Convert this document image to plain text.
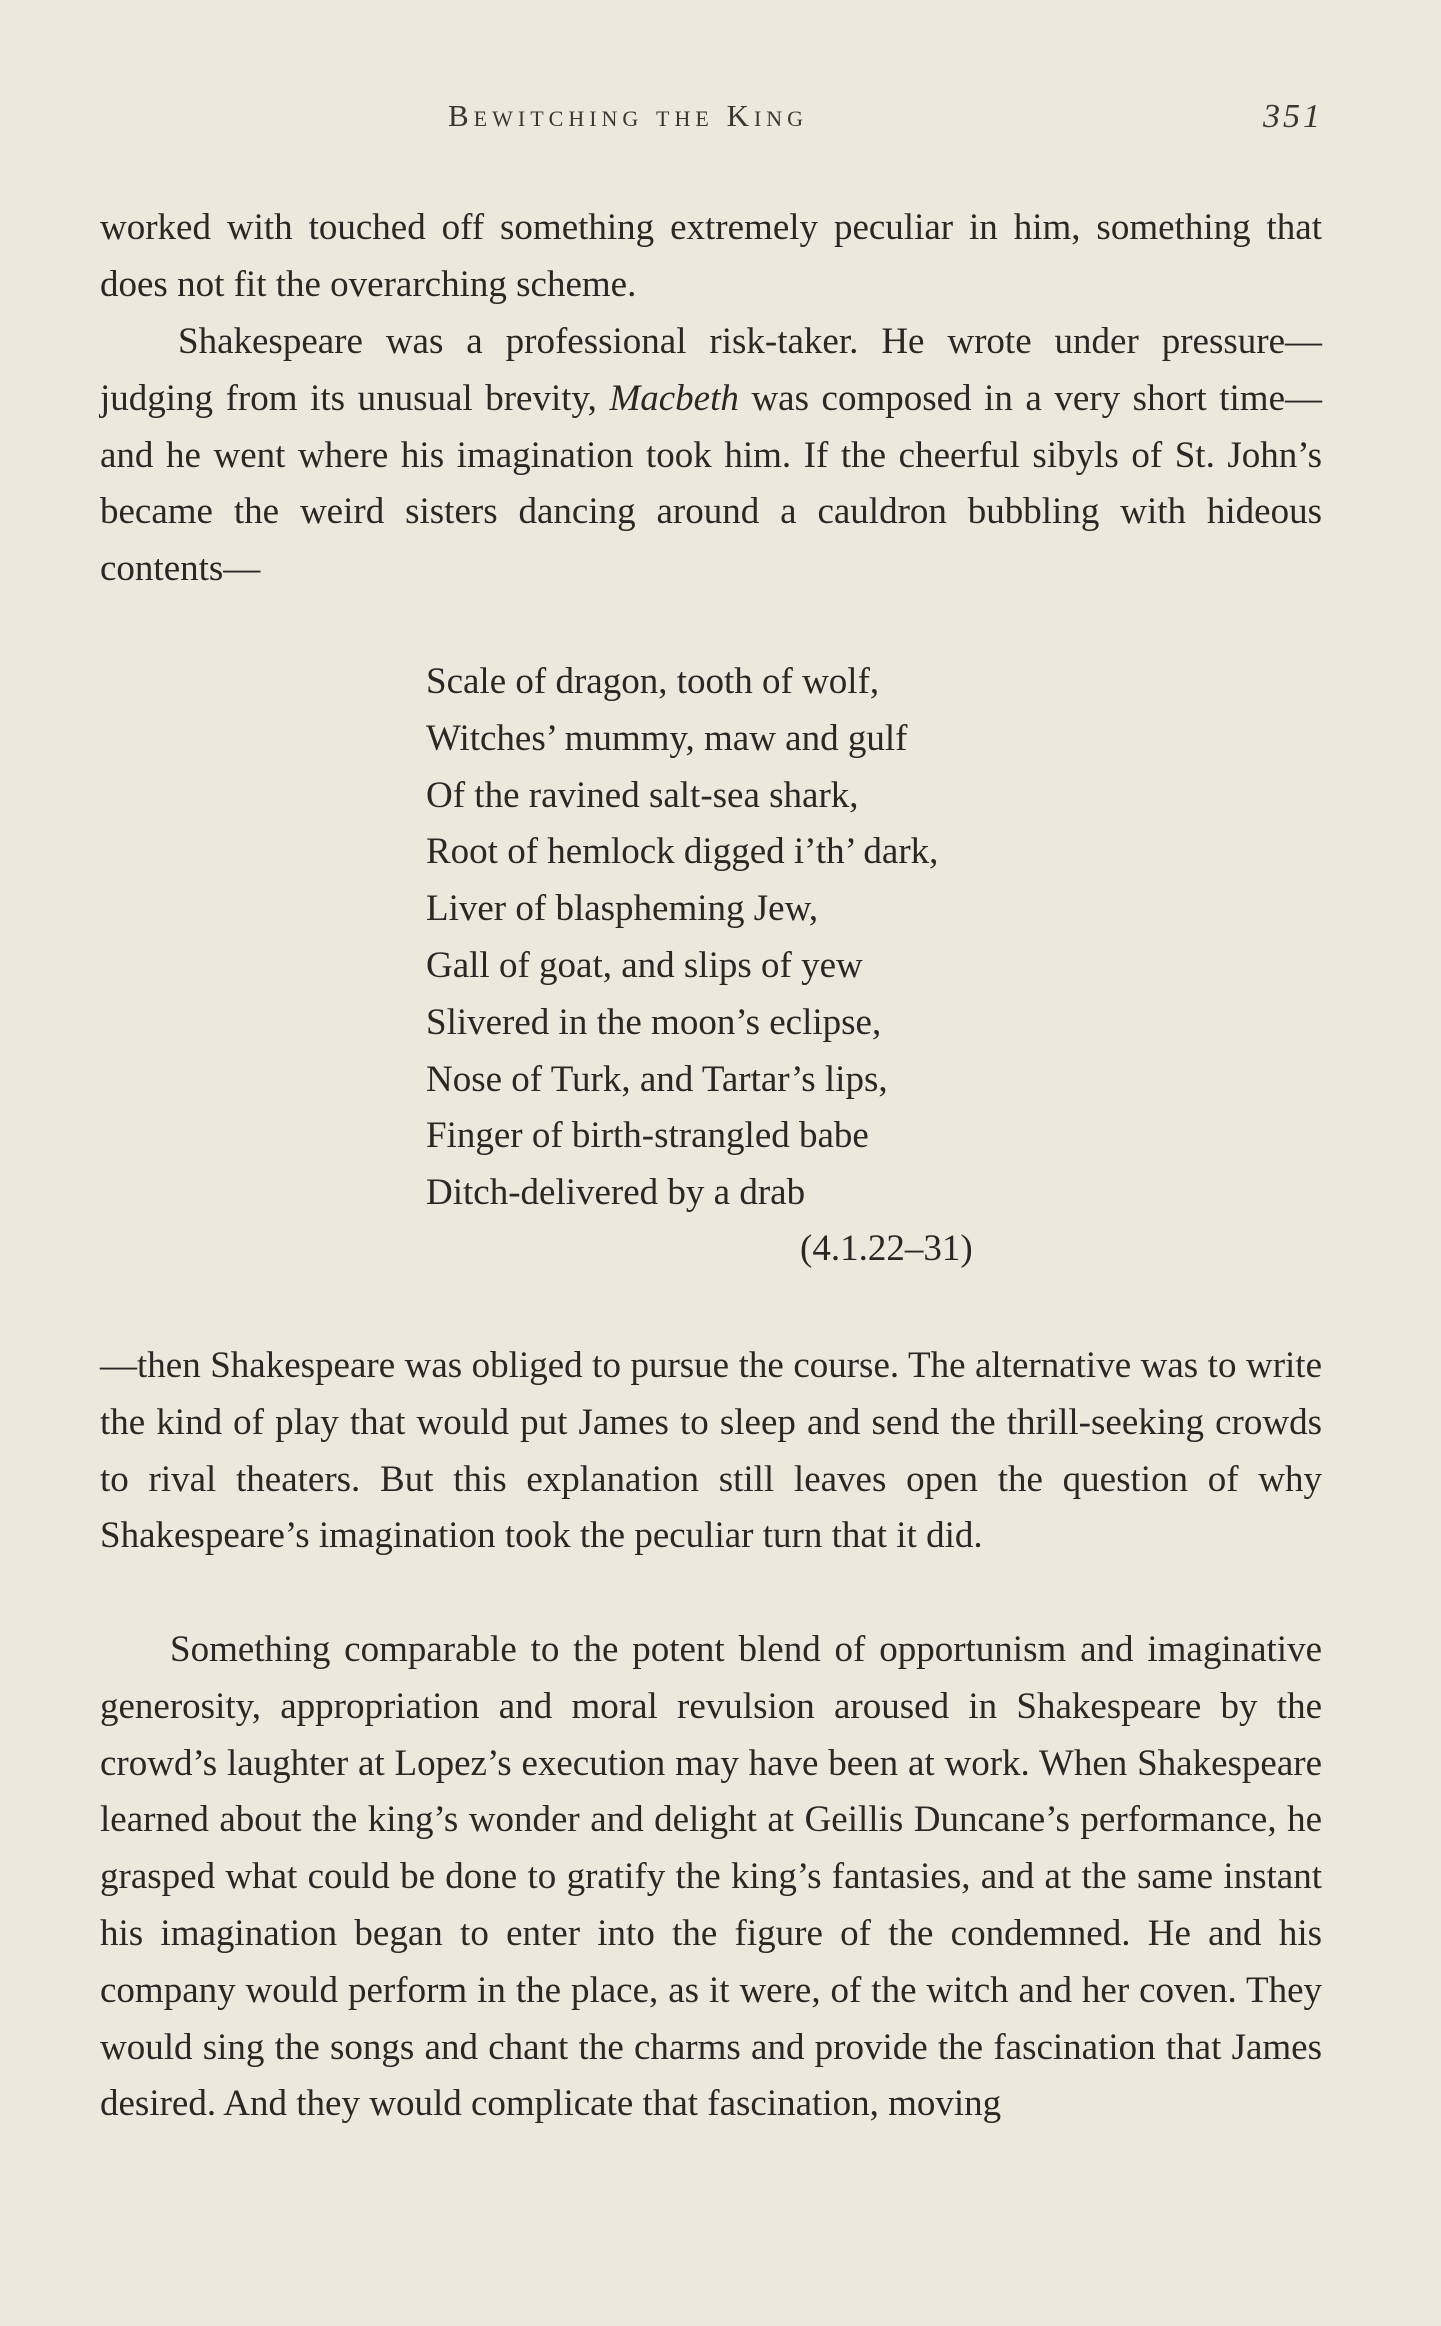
Bewitching the King	351

worked with touched off something extremely peculiar in him, something that does not fit the overarching scheme.

Shakespeare was a professional risk-taker. He wrote under pressure—judging from its unusual brevity, Macbeth was composed in a very short time—and he went where his imagination took him. If the cheerful sibyls of St. John’s became the weird sisters dancing around a cauldron bubbling with hideous contents—

Scale of dragon, tooth of wolf,
Witches’ mummy, maw and gulf
Of the ravined salt-sea shark,
Root of hemlock digged i’th’ dark,
Liver of blaspheming Jew,
Gall of goat, and slips of yew
Slivered in the moon’s eclipse,
Nose of Turk, and Tartar’s lips,
Finger of birth-strangled babe
Ditch-delivered by a drab
(4.1.22–31)

—then Shakespeare was obliged to pursue the course. The alternative was to write the kind of play that would put James to sleep and send the thrill-seeking crowds to rival theaters. But this explanation still leaves open the question of why Shakespeare’s imagination took the peculiar turn that it did.

Something comparable to the potent blend of opportunism and imaginative generosity, appropriation and moral revulsion aroused in Shakespeare by the crowd’s laughter at Lopez’s execution may have been at work. When Shakespeare learned about the king’s wonder and delight at Geillis Duncane’s performance, he grasped what could be done to gratify the king’s fantasies, and at the same instant his imagination began to enter into the figure of the condemned. He and his company would perform in the place, as it were, of the witch and her coven. They would sing the songs and chant the charms and provide the fascination that James desired. And they would complicate that fascination, moving
